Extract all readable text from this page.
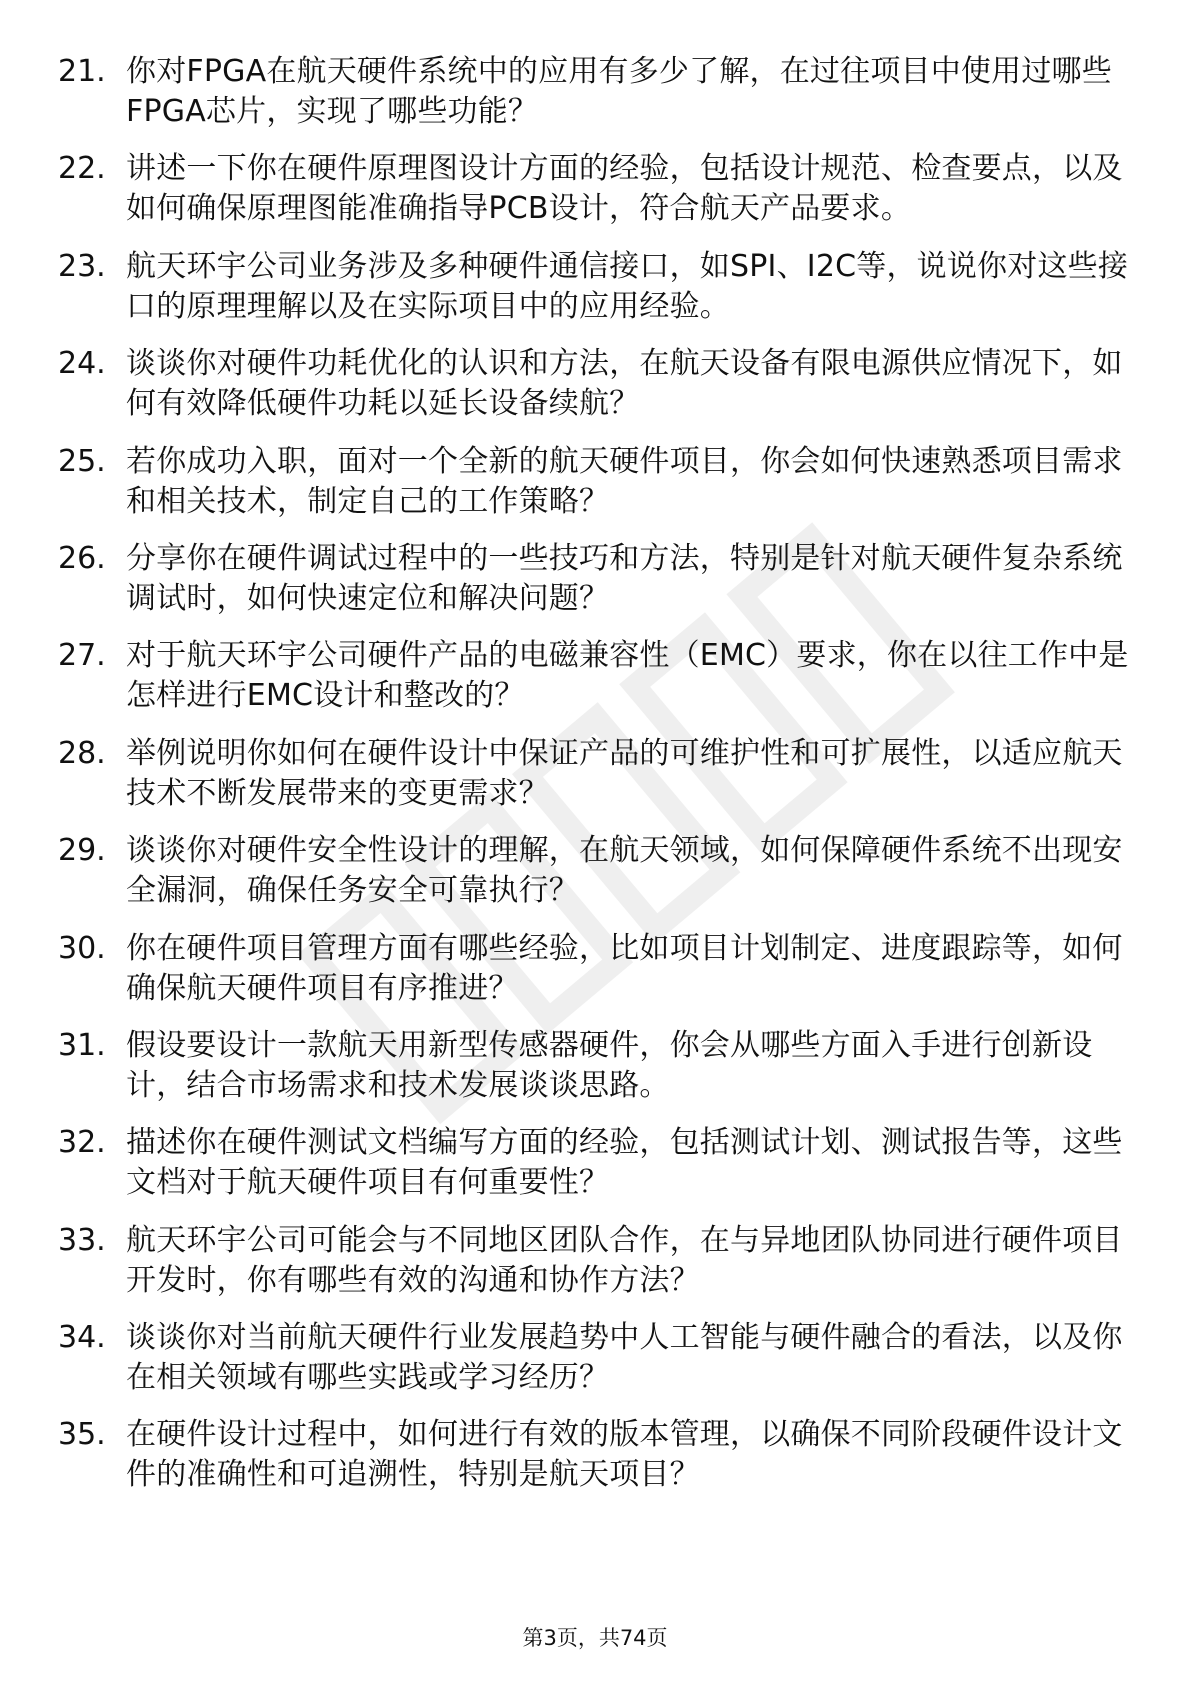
21. 你对FPGA在航天硬件系统中的应用有多少了解，在过往项目中使用过哪些FPGA芯片，实现了哪些功能？
22. 讲述一下你在硬件原理图设计方面的经验，包括设计规范、检查要点，以及如何确保原理图能准确指导PCB设计，符合航天产品要求。
23. 航天环宇公司业务涉及多种硬件通信接口，如SPI、I2C等，说说你对这些接口的原理理解以及在实际项目中的应用经验。
24. 谈谈你对硬件功耗优化的认识和方法，在航天设备有限电源供应情况下，如何有效降低硬件功耗以延长设备续航？
25. 若你成功入职，面对一个全新的航天硬件项目，你会如何快速熟悉项目需求和相关技术，制定自己的工作策略？
26. 分享你在硬件调试过程中的一些技巧和方法，特别是针对航天硬件复杂系统调试时，如何快速定位和解决问题？
27. 对于航天环宇公司硬件产品的电磁兼容性（EMC）要求，你在以往工作中是怎样进行EMC设计和整改的？
28. 举例说明你如何在硬件设计中保证产品的可维护性和可扩展性，以适应航天技术不断发展带来的变更需求？
29. 谈谈你对硬件安全性设计的理解，在航天领域，如何保障硬件系统不出现安全漏洞，确保任务安全可靠执行？
30. 你在硬件项目管理方面有哪些经验，比如项目计划制定、进度跟踪等，如何确保航天硬件项目有序推进？
31. 假设要设计一款航天用新型传感器硬件，你会从哪些方面入手进行创新设计，结合市场需求和技术发展谈谈思路。
32. 描述你在硬件测试文档编写方面的经验，包括测试计划、测试报告等，这些文档对于航天硬件项目有何重要性？
33. 航天环宇公司可能会与不同地区团队合作，在与异地团队协同进行硬件项目开发时，你有哪些有效的沟通和协作方法？
34. 谈谈你对当前航天硬件行业发展趋势中人工智能与硬件融合的看法，以及你在相关领域有哪些实践或学习经历？
35. 在硬件设计过程中，如何进行有效的版本管理，以确保不同阶段硬件设计文件的准确性和可追溯性，特别是航天项目？
第3页，共74页
